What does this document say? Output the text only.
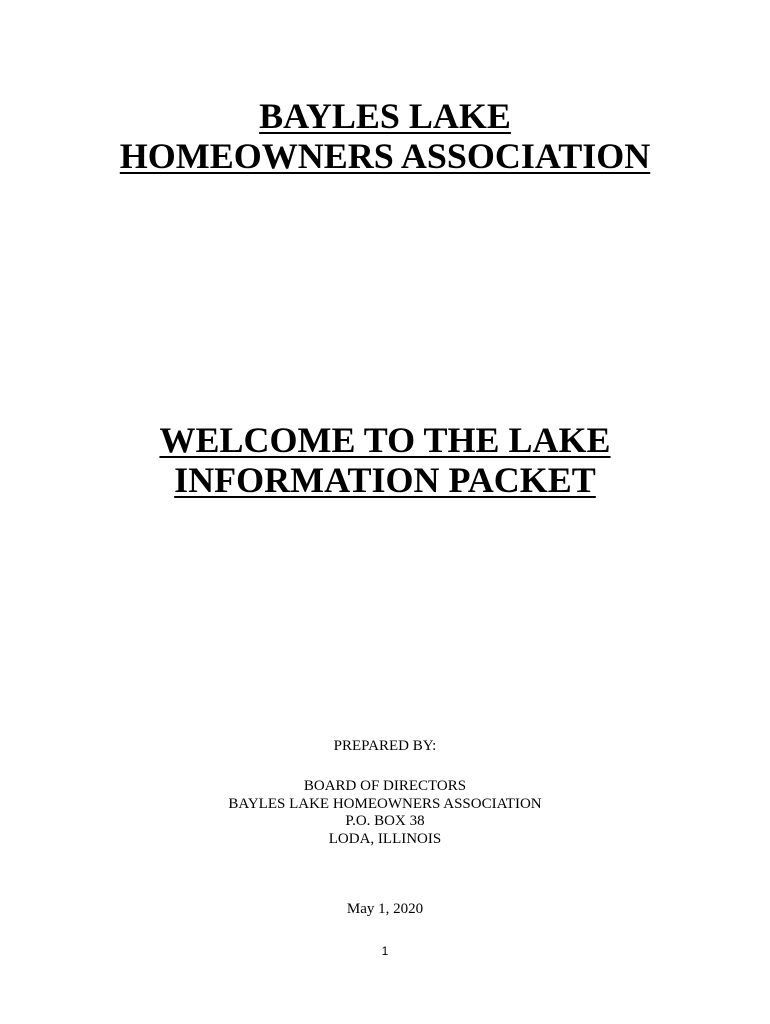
BAYLES LAKE
HOMEOWNERS ASSOCIATION
WELCOME TO THE LAKE
INFORMATION PACKET
PREPARED BY:
BOARD OF DIRECTORS
BAYLES LAKE HOMEOWNERS ASSOCIATION
P.O. BOX 38
LODA, ILLINOIS
May 1, 2020
1
